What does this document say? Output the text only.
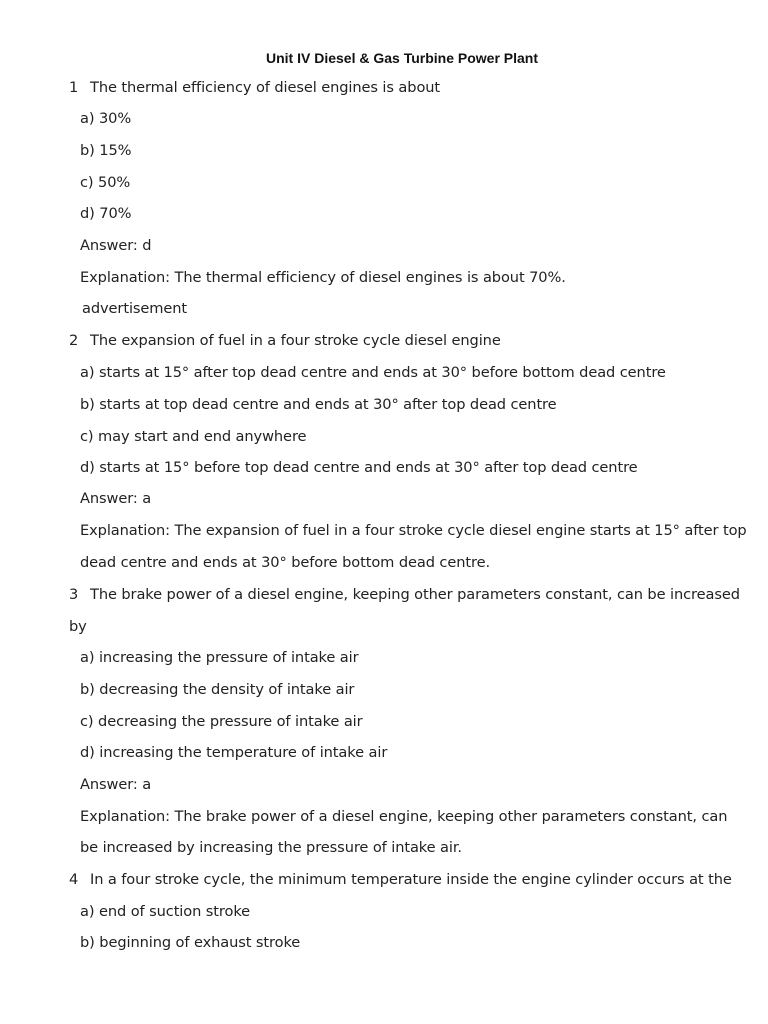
Unit IV Diesel & Gas Turbine Power Plant
1 The thermal efficiency of diesel engines is about
a) 30%
b) 15%
c) 50%
d) 70%
Answer: d
Explanation: The thermal efficiency of diesel engines is about 70%.
advertisement
2 The expansion of fuel in a four stroke cycle diesel engine
a) starts at 15° after top dead centre and ends at 30° before bottom dead centre
b) starts at top dead centre and ends at 30° after top dead centre
c) may start and end anywhere
d) starts at 15° before top dead centre and ends at 30° after top dead centre
Answer: a
Explanation: The expansion of fuel in a four stroke cycle diesel engine starts at 15° after top
dead centre and ends at 30° before bottom dead centre.
3 The brake power of a diesel engine, keeping other parameters constant, can be increased
by
a) increasing the pressure of intake air
b) decreasing the density of intake air
c) decreasing the pressure of intake air
d) increasing the temperature of intake air
Answer: a
Explanation: The brake power of a diesel engine, keeping other parameters constant, can
be increased by increasing the pressure of intake air.
4 In a four stroke cycle, the minimum temperature inside the engine cylinder occurs at the
a) end of suction stroke
b) beginning of exhaust stroke
